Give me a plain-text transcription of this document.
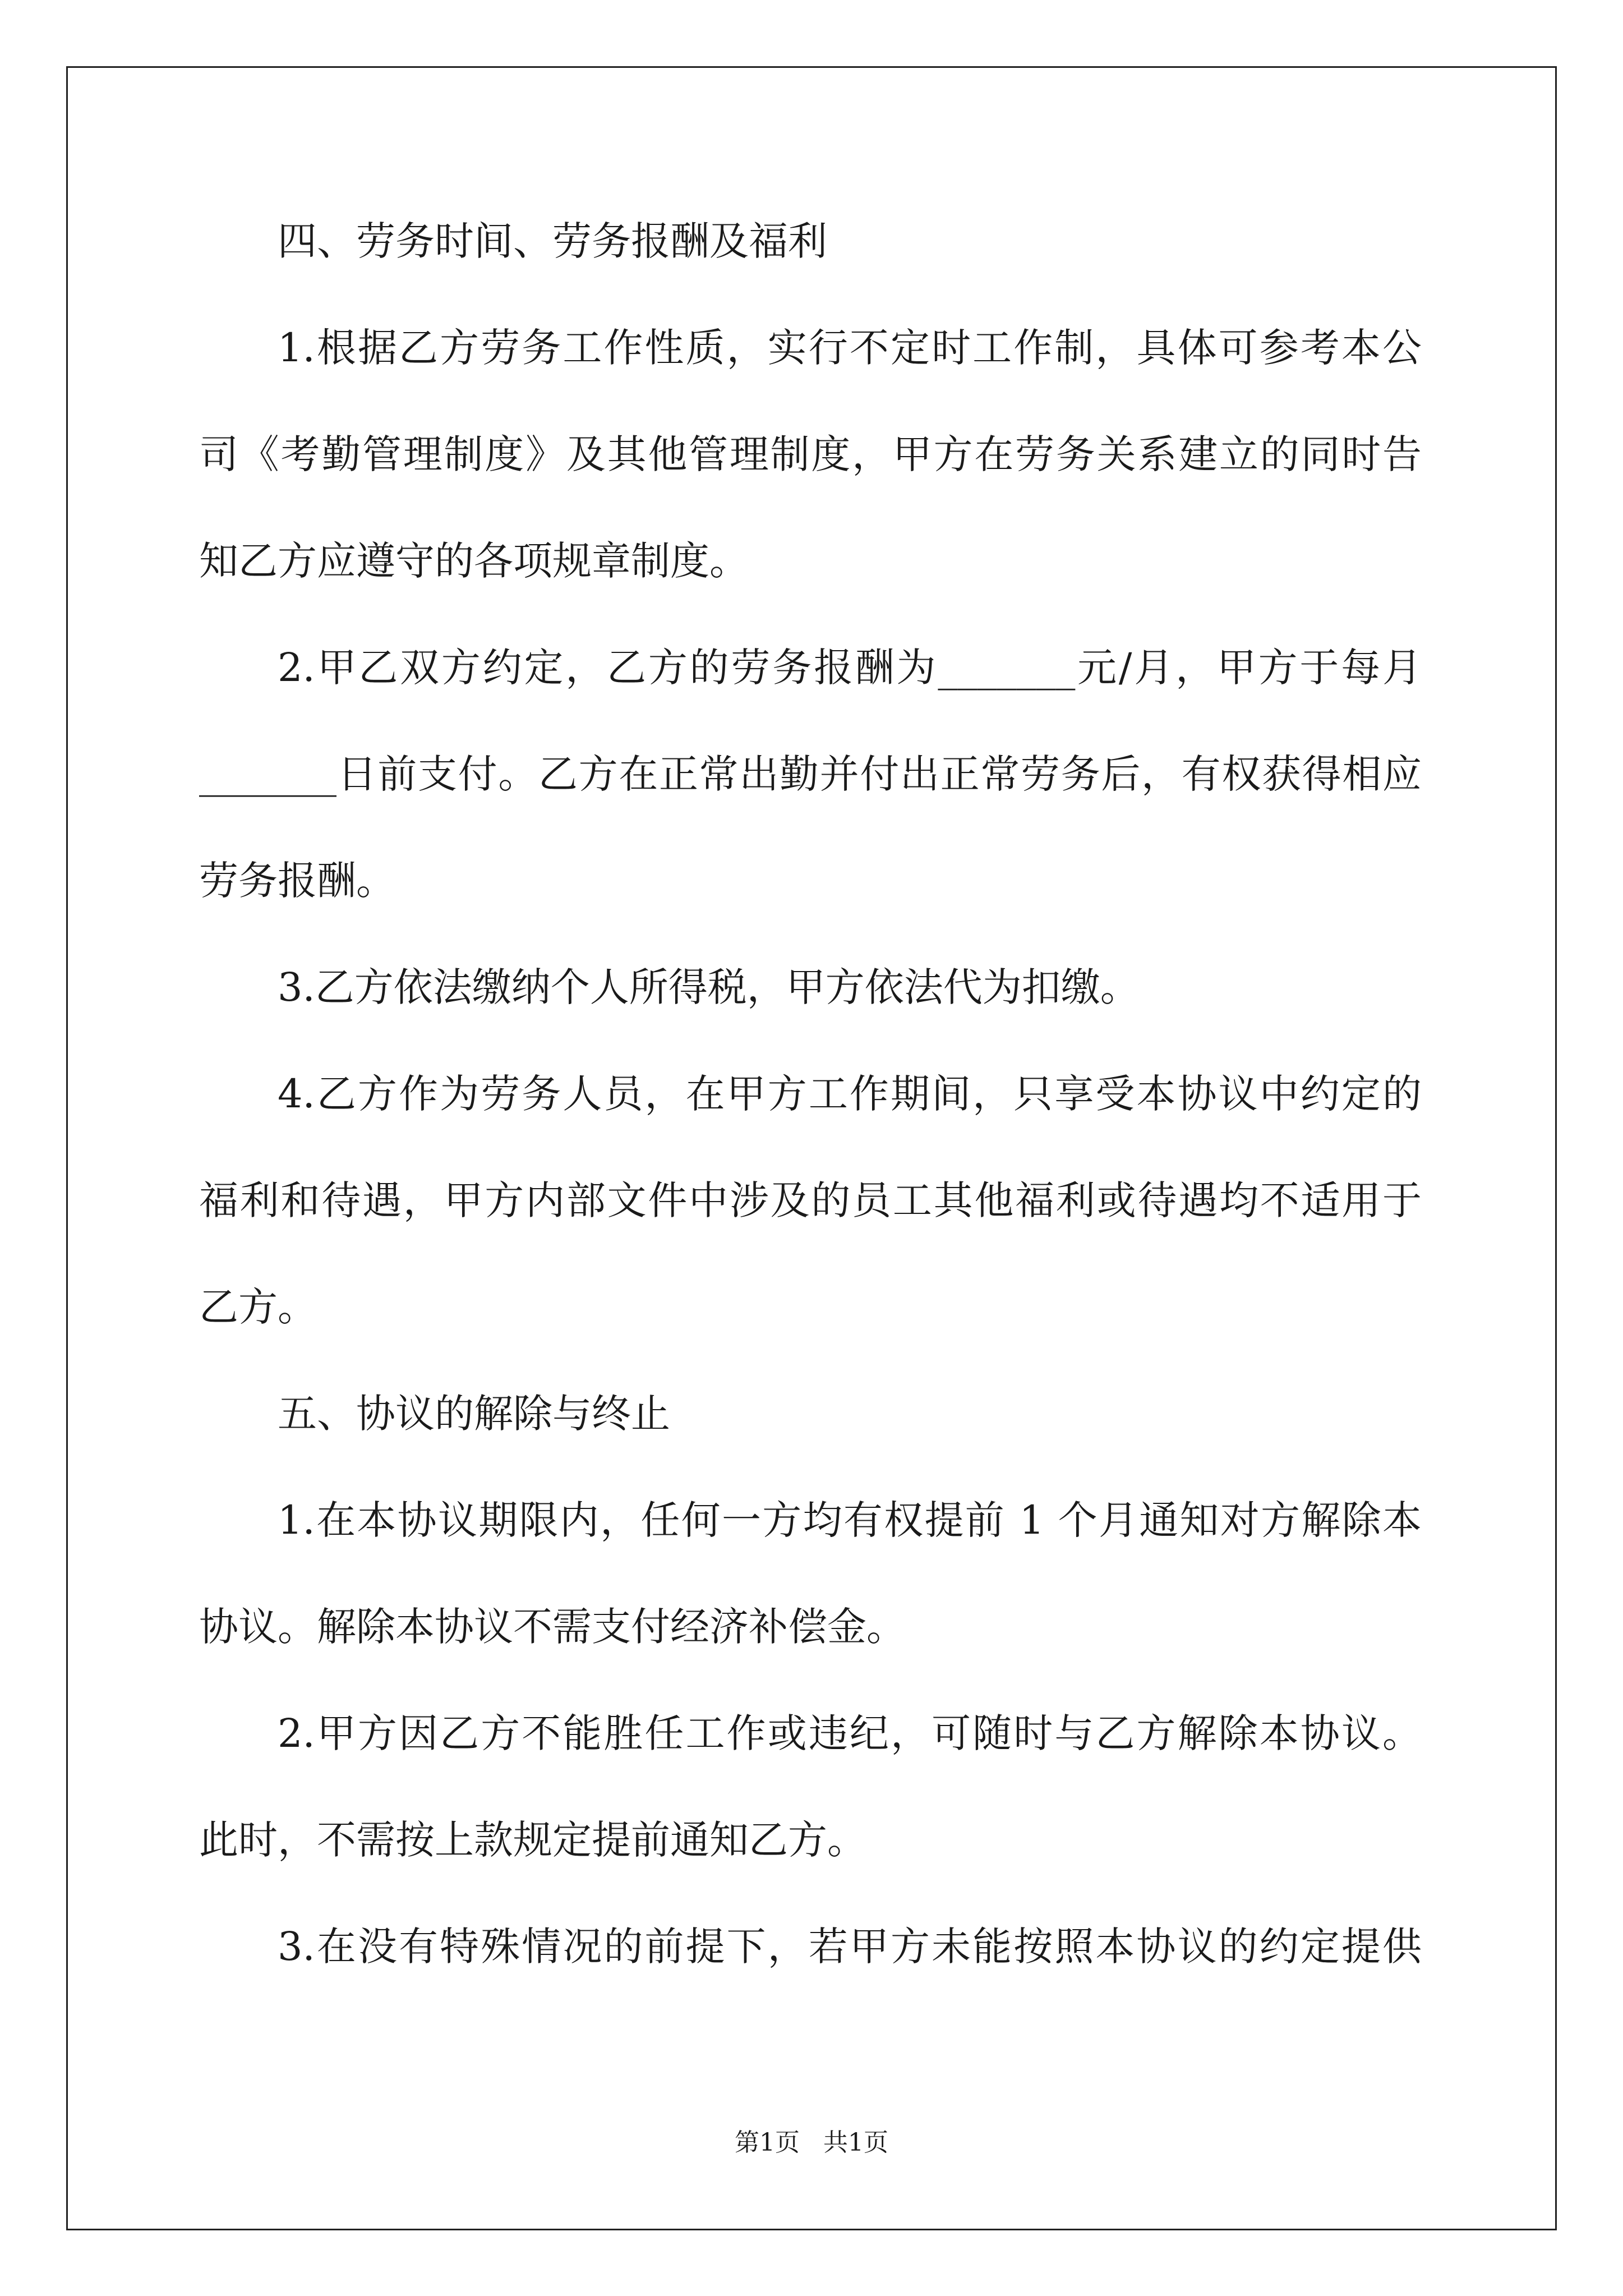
四、劳务时间、劳务报酬及福利
1.根据乙方劳务工作性质，实行不定时工作制，具体可参考本公
司《考勤管理制度》及其他管理制度，甲方在劳务关系建立的同时告
知乙方应遵守的各项规章制度。
2.甲乙双方约定，乙方的劳务报酬为_______元/月，甲方于每月
_______日前支付。乙方在正常出勤并付出正常劳务后，有权获得相应
劳务报酬。
3.乙方依法缴纳个人所得税，甲方依法代为扣缴。
4.乙方作为劳务人员，在甲方工作期间，只享受本协议中约定的
福利和待遇，甲方内部文件中涉及的员工其他福利或待遇均不适用于
乙方。
五、协议的解除与终止
1.在本协议期限内，任何一方均有权提前 1 个月通知对方解除本
协议。解除本协议不需支付经济补偿金。
2.甲方因乙方不能胜任工作或违纪，可随时与乙方解除本协议。
此时，不需按上款规定提前通知乙方。
3.在没有特殊情况的前提下，若甲方未能按照本协议的约定提供
第1页   共1页
